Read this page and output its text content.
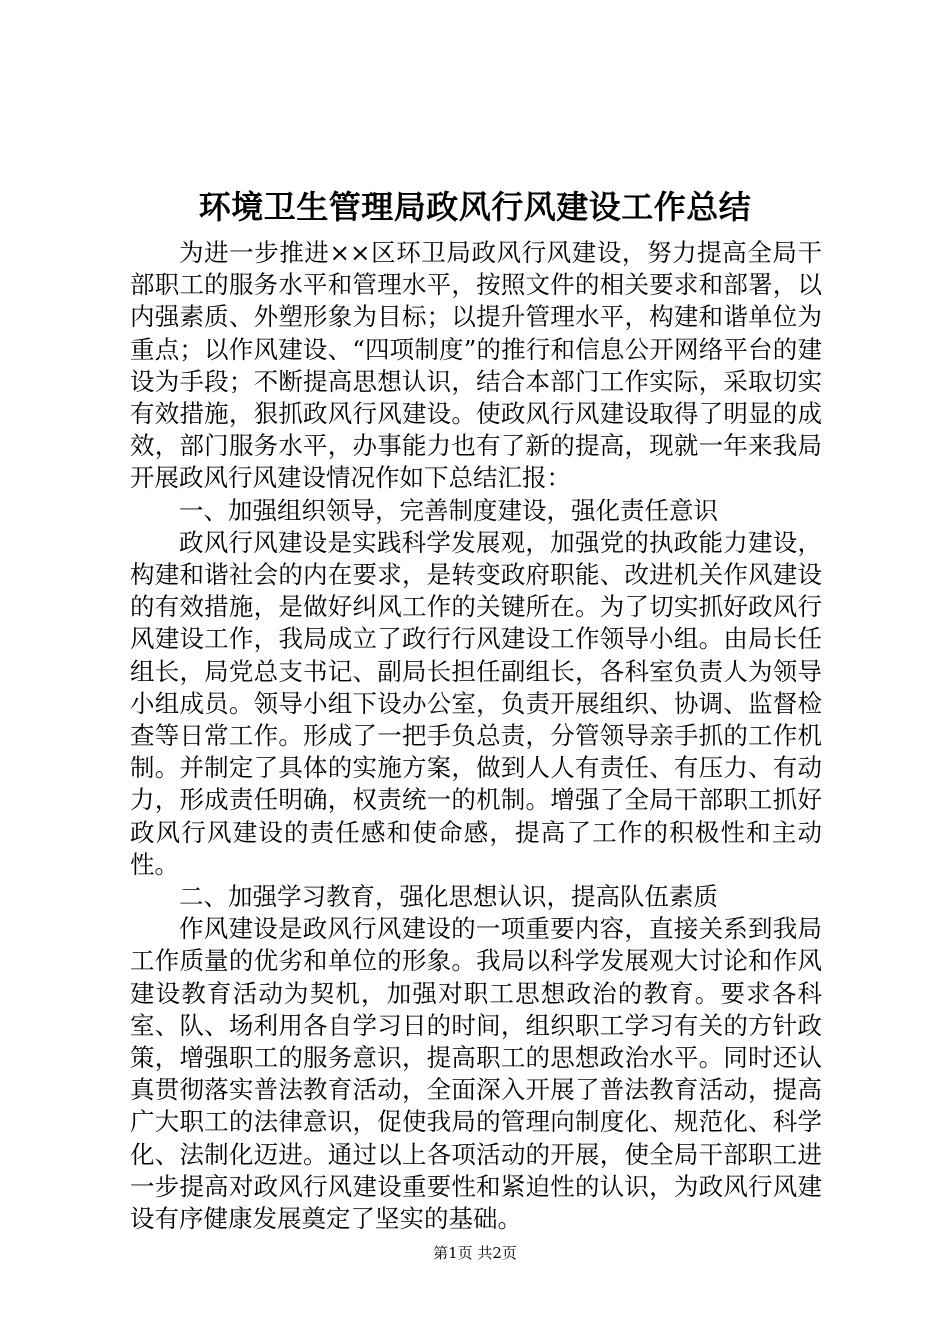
环境卫生管理局政风行风建设工作总结

为进一步推进××区环卫局政风行风建设，努力提高全局干部职工的服务水平和管理水平，按照文件的相关要求和部署，以内强素质、外塑形象为目标；以提升管理水平，构建和谐单位为重点；以作风建设、“四项制度”的推行和信息公开网络平台的建设为手段；不断提高思想认识，结合本部门工作实际，采取切实有效措施，狠抓政风行风建设。使政风行风建设取得了明显的成效，部门服务水平，办事能力也有了新的提高，现就一年来我局开展政风行风建设情况作如下总结汇报：

一、加强组织领导，完善制度建设，强化责任意识

政风行风建设是实践科学发展观，加强党的执政能力建设，构建和谐社会的内在要求，是转变政府职能、改进机关作风建设的有效措施，是做好纠风工作的关键所在。为了切实抓好政风行风建设工作，我局成立了政行行风建设工作领导小组。由局长任组长，局党总支书记、副局长担任副组长，各科室负责人为领导小组成员。领导小组下设办公室，负责开展组织、协调、监督检查等日常工作。形成了一把手负总责，分管领导亲手抓的工作机制。并制定了具体的实施方案，做到人人有责任、有压力、有动力，形成责任明确，权责统一的机制。增强了全局干部职工抓好政风行风建设的责任感和使命感，提高了工作的积极性和主动性。

二、加强学习教育，强化思想认识，提高队伍素质

作风建设是政风行风建设的一项重要内容，直接关系到我局工作质量的优劣和单位的形象。我局以科学发展观大讨论和作风建设教育活动为契机，加强对职工思想政治的教育。要求各科室、队、场利用各自学习日的时间，组织职工学习有关的方针政策，增强职工的服务意识，提高职工的思想政治水平。同时还认真贯彻落实普法教育活动，全面深入开展了普法教育活动，提高广大职工的法律意识，促使我局的管理向制度化、规范化、科学化、法制化迈进。通过以上各项活动的开展，使全局干部职工进一步提高对政风行风建设重要性和紧迫性的认识，为政风行风建设有序健康发展奠定了坚实的基础。

第1页 共2页
